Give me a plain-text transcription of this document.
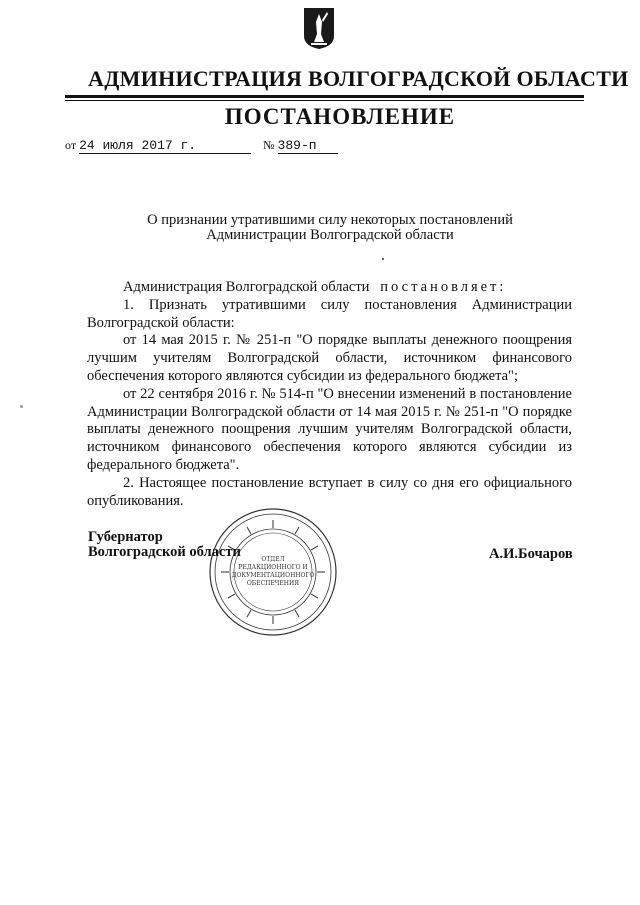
АДМИНИСТРАЦИЯ ВОЛГОГРАДСКОЙ ОБЛАСТИ
ПОСТАНОВЛЕНИЕ
от 24 июля 2017 г.	№ 389-п
О признании утратившими силу некоторых постановлений
Администрации Волгоградской области

Администрация Волгоградской области постановляет:

1. Признать утратившими силу постановления Администрации Волгоградской области:

от 14 мая 2015 г. № 251-п "О порядке выплаты денежного поощрения лучшим учителям Волгоградской области, источником финансового обеспечения которого являются субсидии из федерального бюджета";

от 22 сентября 2016 г. № 514-п "О внесении изменений в постановление Администрации Волгоградской области от 14 мая 2015 г. № 251-п "О порядке выплаты денежного поощрения лучшим учителям Волгоградской области, источником финансового обеспечения которого являются субсидии из федерального бюджета".

2. Настоящее постановление вступает в силу со дня его официального опубликования.

ОТДЕЛ
РЕДАКЦИОННОГО И
ДОКУМЕНТАЦИОННОГО
ОБЕСПЕЧЕНИЯ
Губернатор
Волгоградской области	А.И.Бочаров
